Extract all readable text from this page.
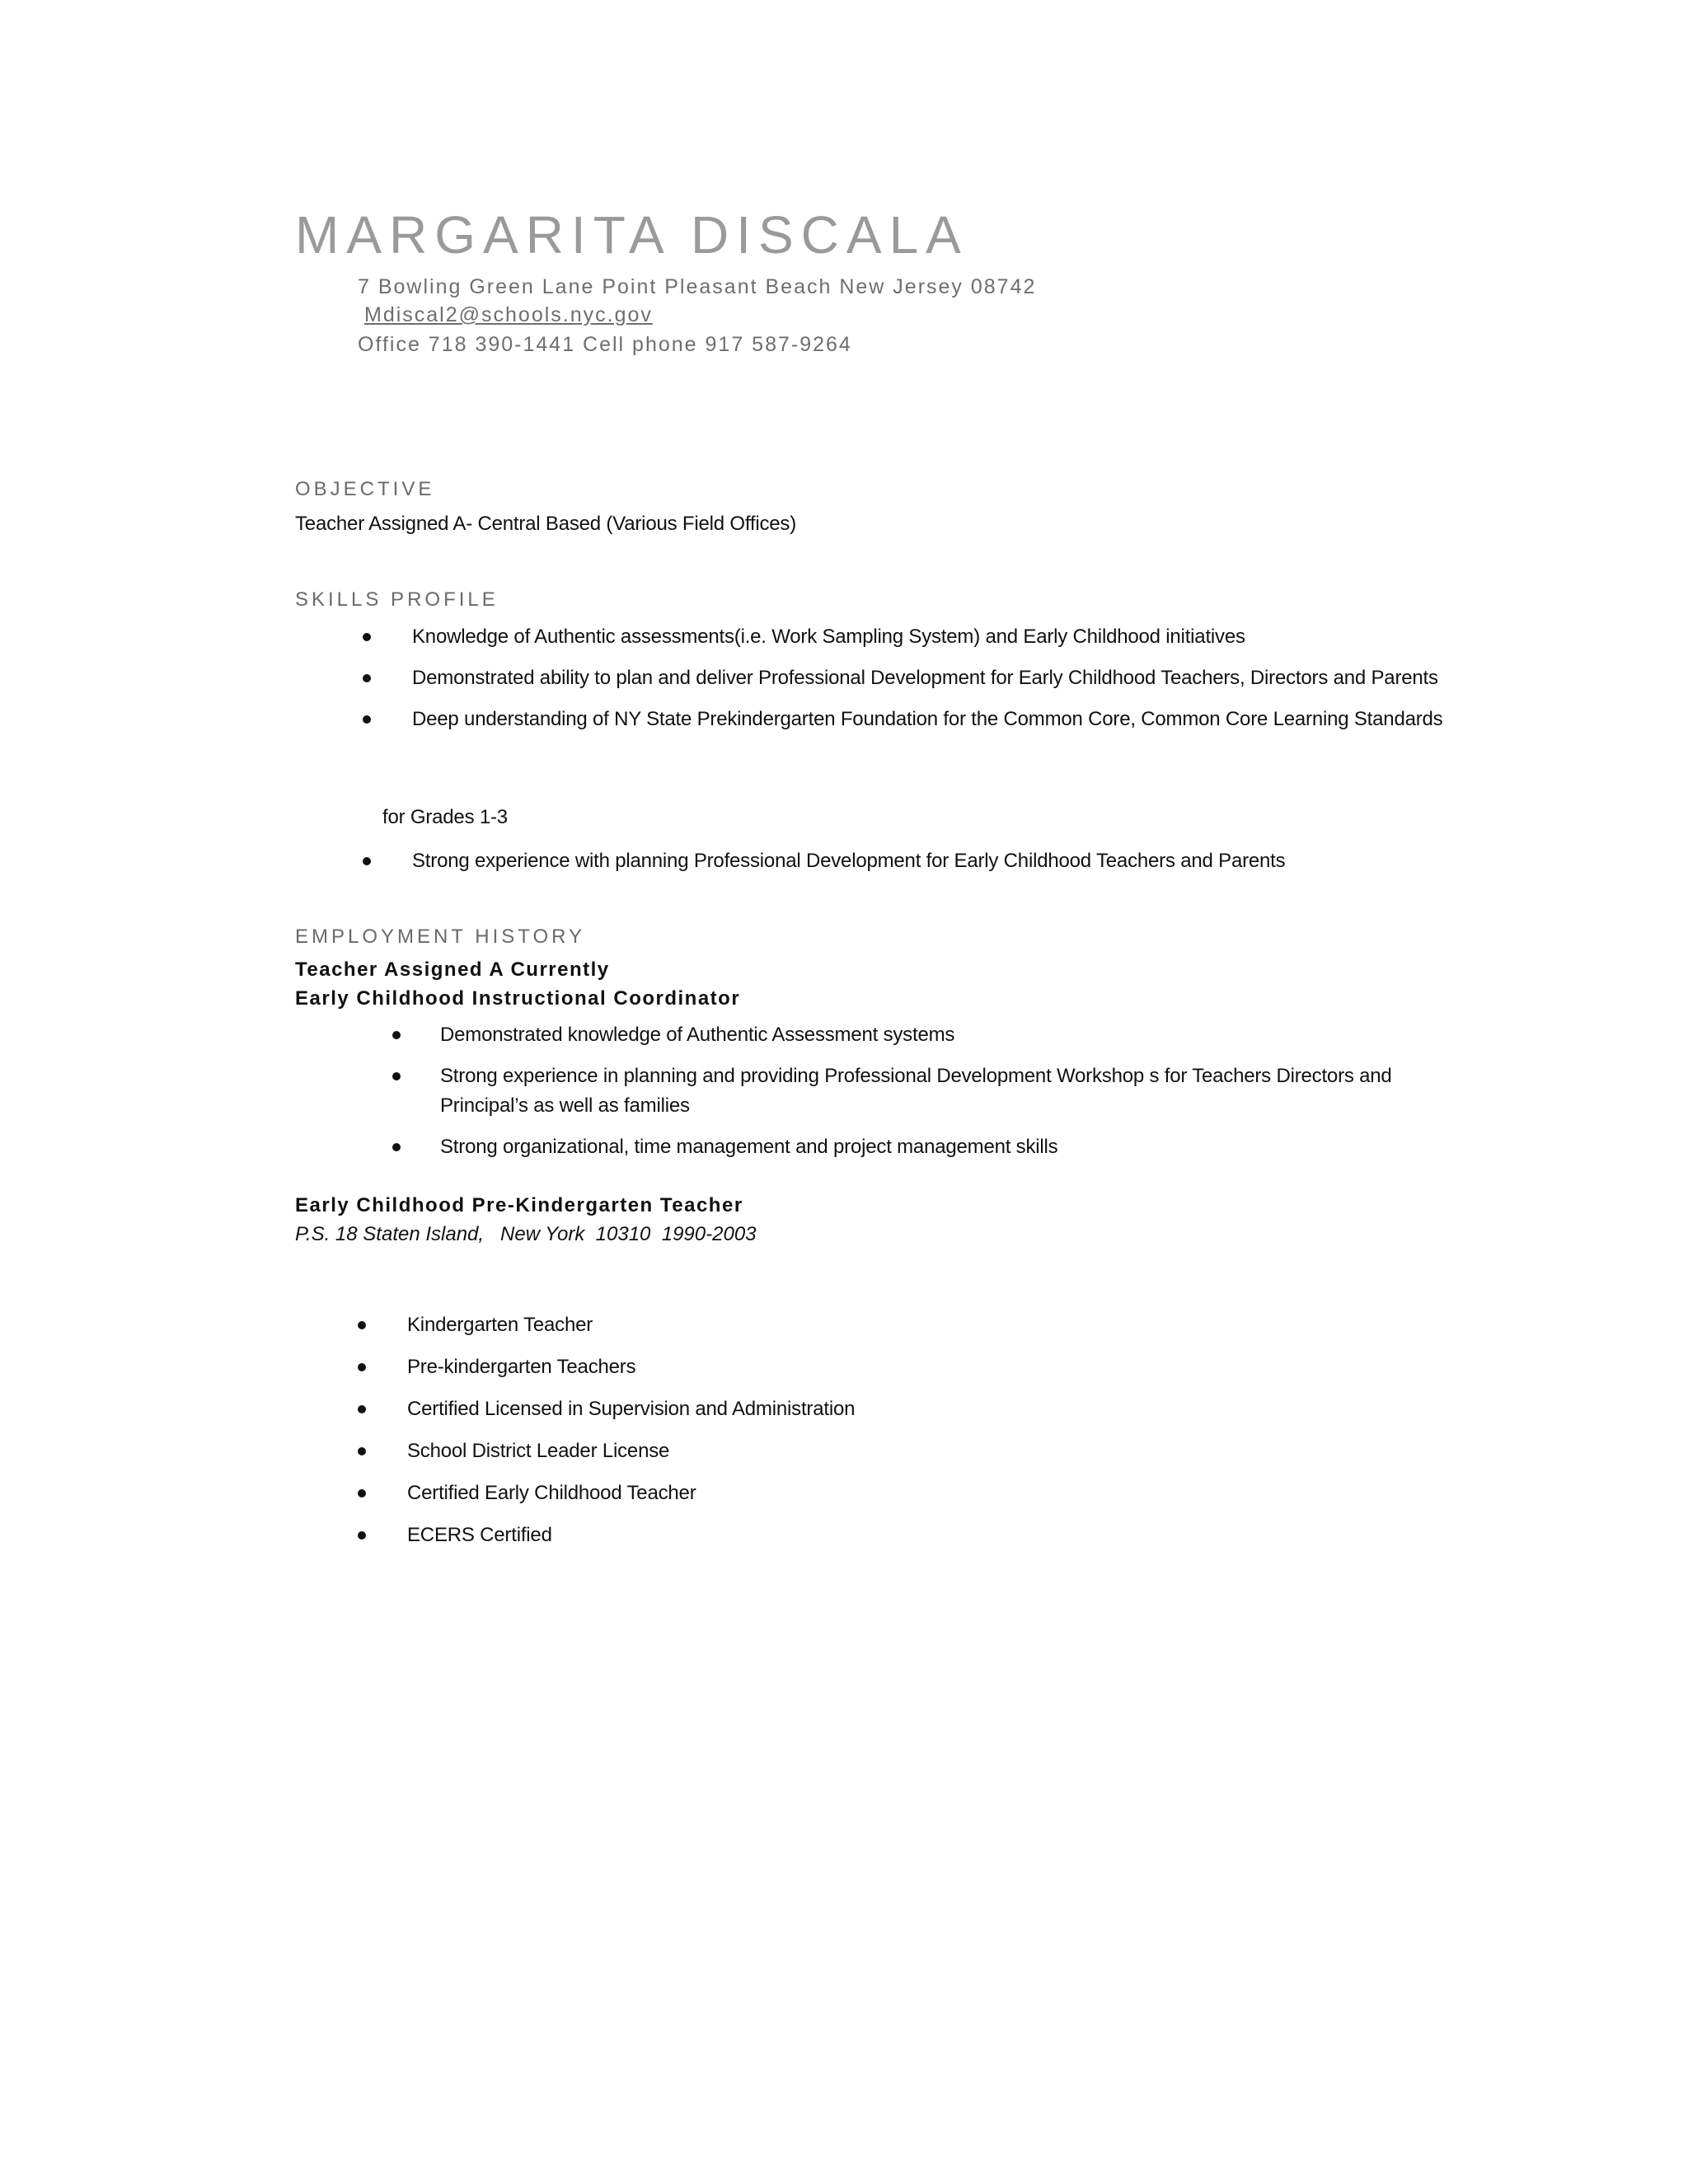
MARGARITA DISCALA
7 Bowling Green Lane Point Pleasant Beach New Jersey 08742
Mdiscal2@schools.nyc.gov
Office 718 390-1441 Cell phone 917 587-9264
OBJECTIVE
Teacher Assigned A- Central Based (Various Field Offices)
SKILLS PROFILE
Knowledge of Authentic assessments(i.e. Work Sampling System) and Early Childhood initiatives
Demonstrated ability to plan and deliver Professional Development for Early Childhood Teachers, Directors and Parents
Deep understanding of NY State Prekindergarten Foundation for the Common Core, Common Core Learning Standards
for Grades 1-3
Strong experience with planning Professional Development for Early Childhood Teachers and Parents
EMPLOYMENT HISTORY
Teacher Assigned A Currently
Early Childhood Instructional Coordinator
Demonstrated knowledge of Authentic Assessment systems
Strong experience in planning and providing Professional Development Workshop s for Teachers Directors and Principal’s as well as families
Strong organizational, time management and project management skills
Early Childhood Pre-Kindergarten Teacher
P.S. 18 Staten Island,   New York  10310  1990-2003
Kindergarten Teacher
Pre-kindergarten Teachers
Certified Licensed in Supervision and Administration
School District Leader License
Certified Early Childhood Teacher
ECERS Certified
